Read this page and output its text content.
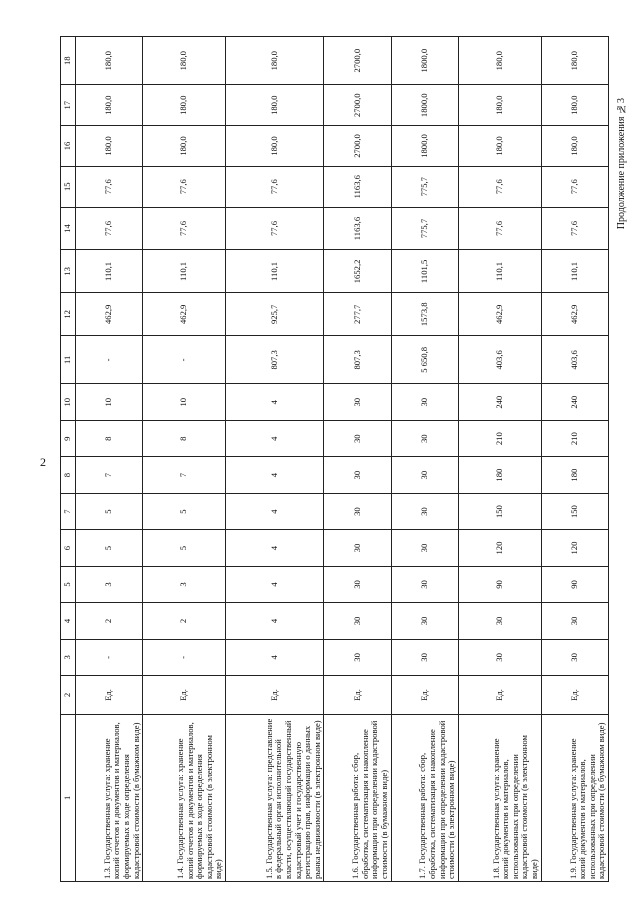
2
Продолжение приложения №3
1	2	3	4	5	6	7	8	9	10	11	12	13	14	15	16	17	18
1.3. Государственная услуга: хранение копий отчетов и документов и материалов, формируемых в ходе определения кадастровой стоимости (в бумажном виде)	Ед.	-	2	3	5	5	7	8	10	-	462,9	110,1	77,6	77,6	180,0	180,0	180,0
1.4. Государственная услуга: хранение копий отчетов и документов и материалов, формируемых в ходе определения кадастровой стоимости (в электронном виде)	Ед.	-	2	3	5	5	7	8	10	-	462,9	110,1	77,6	77,6	180,0	180,0	180,0
1.5. Государственная услуга: представление в федеральный орган исполнительной власти, осуществляющий государственный кадастровый учет и государственную регистрацию прав, информации о данных рынка недвижимости (в электронном виде)	Ед.	4	4	4	4	4	4	4	4	807,3	925,7	110,1	77,6	77,6	180,0	180,0	180,0
1.6. Государственная работа: сбор, обработка, систематизация и накопление информации при определении кадастровой стоимости (в бумажном виде)	Ед.	30	30	30	30	30	30	30	30	807,3	277,7	1652,2	1163,6	1163,6	2700,0	2700,0	2700,0
1.7. Государственная работа: сбор, обработка, систематизация и накопление информации при определении кадастровой стоимости (в электронном виде)	Ед.	30	30	30	30	30	30	30	30	5 650,8	1573,8	1101,5	775,7	775,7	1800,0	1800,0	1800,0
1.8. Государственная услуга: хранение копий документов и материалов, использованных при определении кадастровой стоимости (в электронном виде)	Ед.	30	30	90	120	150	180	210	240	403,6	462,9	110,1	77,6	77,6	180,0	180,0	180,0
1.9. Государственная услуга: хранение копий документов и материалов, использованных при определении кадастровой стоимости (в бумажном виде)	Ед.	30	30	90	120	150	180	210	240	403,6	462,9	110,1	77,6	77,6	180,0	180,0	180,0
